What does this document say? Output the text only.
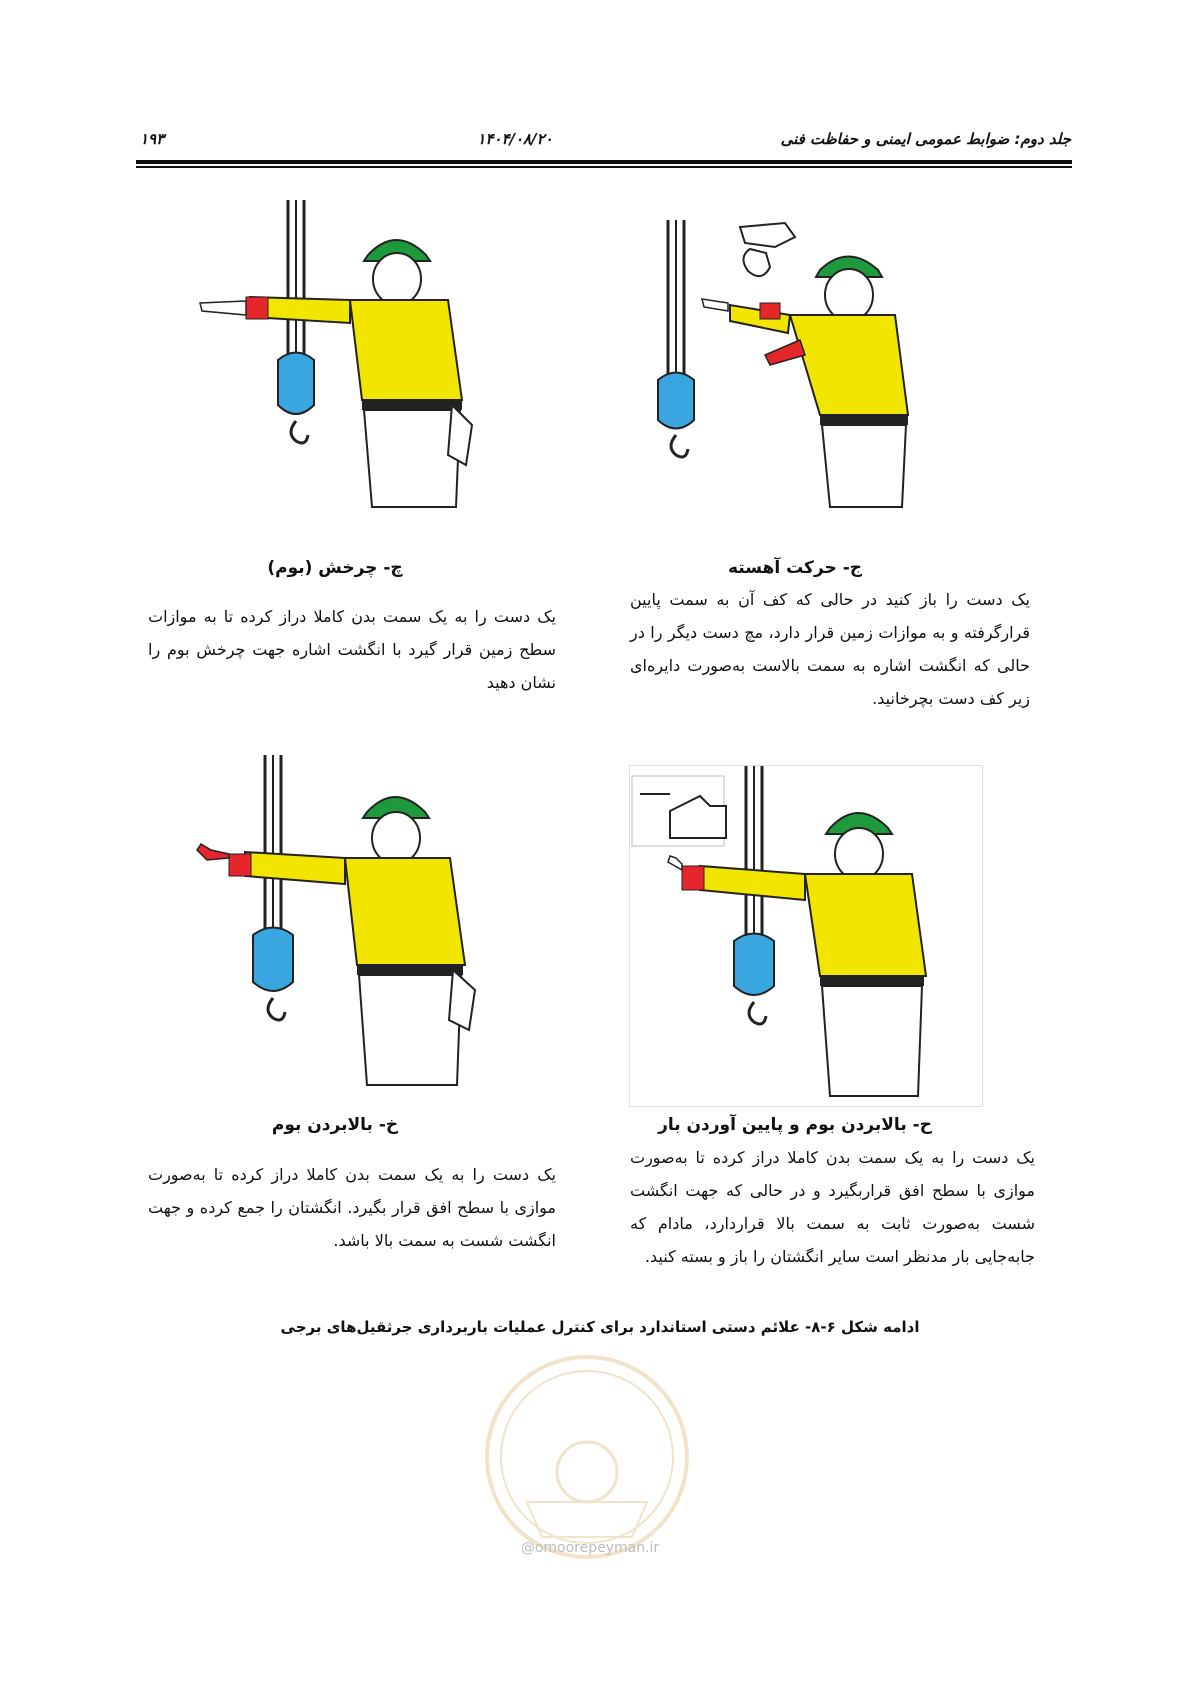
جلد دوم: ضوابط عمومی ایمنی و حفاظت فنی
۱۴۰۴/۰۸/۲۰
۱۹۳
ج- حرکت آهسته
یک دست را باز کنید در حالی که کف آن به سمت پایین قرارگرفته و به موازات زمین قرار دارد، مچ دست دیگر را در حالی که انگشت اشاره به سمت بالاست به‌صورت دایره‌ای زیر کف دست بچرخانید.
چ- چرخش (بوم)
یک دست را به یک سمت بدن کاملا دراز کرده تا به موازات سطح زمین قرار گیرد با انگشت اشاره جهت چرخش بوم را نشان دهید
ح- بالابردن بوم و پایین آوردن بار
یک دست را به یک سمت بدن کاملا دراز کرده تا به‌صورت موازی با سطح افق قراربگیرد و در حالی که جهت انگشت شست به‌صورت ثابت به سمت بالا قراردارد، مادام که جابه‌جایی بار مدنظر است سایر انگشتان را باز و بسته کنید.
خ- بالابردن بوم
یک دست را به یک سمت بدن کاملا دراز کرده تا به‌صورت موازی با سطح افق قرار بگیرد. انگشتان را جمع کرده و جهت انگشت شست به سمت بالا باشد.
@omoorepeyman.ir
ادامه شکل ۶-۸- علائم دستی استاندارد برای کنترل عملیات باربرداری جرثقیل‌های برجی
